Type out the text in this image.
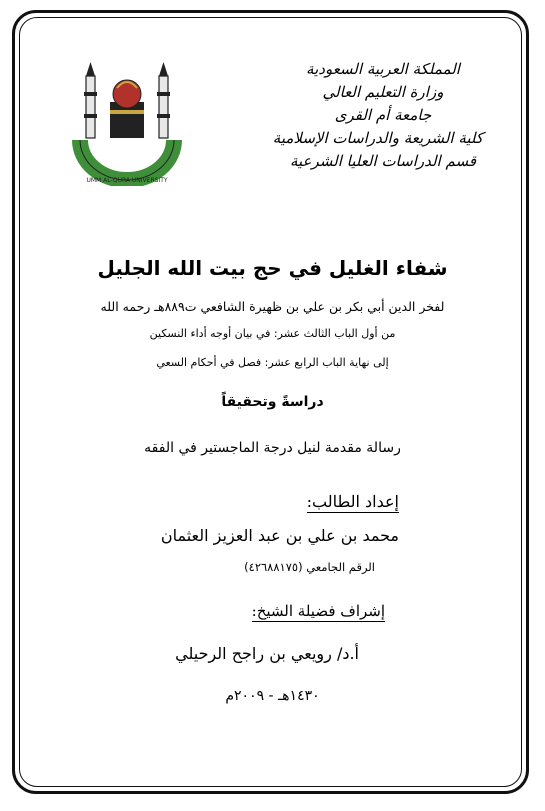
المملكة العربية السعودية
وزارة التعليم العالي
جامعة أم القرى
كلية الشريعة والدراسات الإسلامية
قسم الدراسات العليا الشرعية
UMM AL-QURA UNIVERSITY
شفاء الغليل في حج بيت الله الجليل
لفخر الدين أبي بكر بن علي بن ظهيرة الشافعي ت٨٨٩هـ رحمه الله
من أول الباب الثالث عشر: في بيان أوجه أداء النسكين
إلى نهاية الباب الرابع عشر: فصل في أحكام السعي
دراسةً وتحقيقاً
رسالة مقدمة لنيل درجة الماجستير في الفقه
إعداد الطالب:
محمد بن علي بن عبد العزيز العثمان
الرقم الجامعي (٤٢٦٨٨١٧٥)
إشراف فضيلة الشيخ:
أ.د/ رويعي بن راجح الرحيلي
١٤٣٠هـ - ٢٠٠٩م
